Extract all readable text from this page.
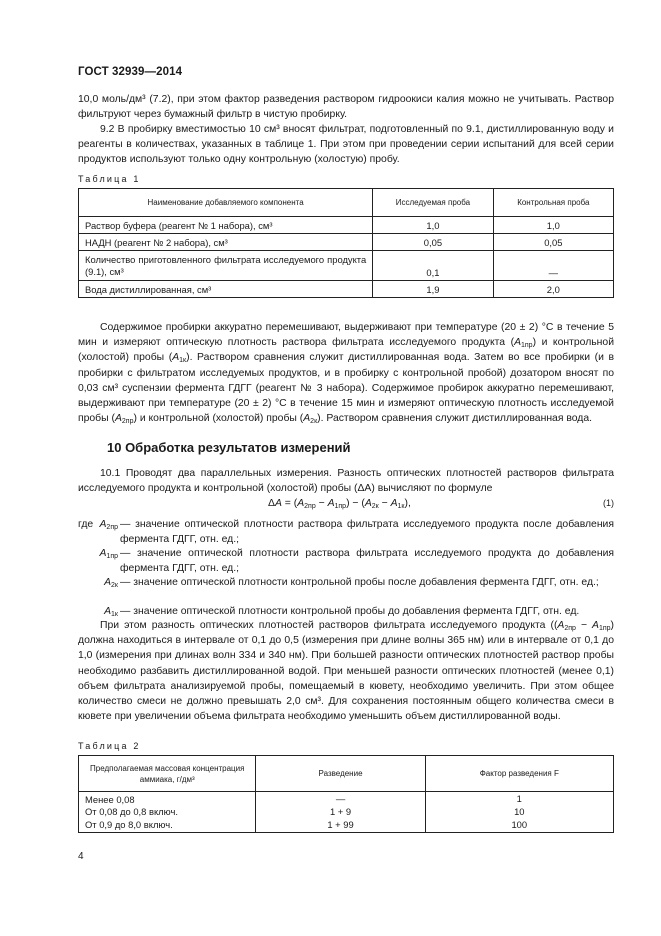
ГОСТ 32939—2014
10,0 моль/дм³ (7.2), при этом фактор разведения раствором гидроокиси калия можно не учитывать. Раствор фильтруют через бумажный фильтр в чистую пробирку.
9.2 В пробирку вместимостью 10 см³ вносят фильтрат, подготовленный по 9.1, дистиллированную воду и реагенты в количествах, указанных в таблице 1. При этом при проведении серии испытаний для всей серии продуктов используют только одну контрольную (холостую) пробу.
Таблица 1
Наименование добавляемого компонента	Исследуемая проба	Контрольная проба
Раствор буфера (реагент № 1 набора), см³	1,0	1,0
НАДН (реагент № 2 набора), см³	0,05	0,05
Количество приготовленного фильтрата исследуемого продукта (9.1), см³	0,1	—
Вода дистиллированная, см³	1,9	2,0
Содержимое пробирки аккуратно перемешивают, выдерживают при температуре (20 ± 2) °С в течение 5 мин и измеряют оптическую плотность раствора фильтрата исследуемого продукта $(A_{1пр})$ и контрольной (холостой) пробы $(A_{1к})$. Раствором сравнения служит дистиллированная вода. Затем во все пробирки (и в пробирки с фильтратом исследуемых продуктов, и в пробирку с контрольной пробой) дозатором вносят по 0,03 см³ суспензии фермента ГДГГ (реагент № 3 набора). Содержимое пробирок аккуратно перемешивают, выдерживают при температуре (20 ± 2) °С в течение 15 мин и измеряют оптическую плотность исследуемой пробы $(A_{2пр})$ и контрольной (холостой) пробы $(A_{2к})$. Раствором сравнения служит дистиллированная вода.
10 Обработка результатов измерений
10.1 Проводят два параллельных измерения. Разность оптических плотностей растворов фильтрата исследуемого продукта и контрольной (холостой) пробы (ΔА) вычисляют по формуле
$\Delta A = (A_{2пр} - A_{1пр}) - (A_{2к} - A_{1к})$,	(1)
где $A_{2пр}$ — значение оптической плотности раствора фильтрата исследуемого продукта после добавления фермента ГДГГ, отн. ед.;
$A_{1пр}$ — значение оптической плотности раствора фильтрата исследуемого продукта до добавления фермента ГДГГ, отн. ед.;
$A_{2к}$ — значение оптической плотности контрольной пробы после добавления фермента ГДГГ, отн. ед.;
$A_{1к}$ — значение оптической плотности контрольной пробы до добавления фермента ГДГГ, отн. ед.
При этом разность оптических плотностей растворов фильтрата исследуемого продукта ($(A_{2пр} - A_{1пр})$ должна находиться в интервале от 0,1 до 0,5 (измерения при длине волны 365 нм) или в интервале от 0,1 до 1,0 (измерения при длинах волн 334 и 340 нм). При большей разности оптических плотностей раствор пробы необходимо разбавить дистиллированной водой. При меньшей разности оптических плотностей (менее 0,1) объем фильтрата анализируемой пробы, помещаемый в кювету, необходимо увеличить. При этом общее количество смеси не должно превышать 2,0 см³. Для сохранения постоянным общего количества смеси в кювете при увеличении объема фильтрата необходимо уменьшить объем дистиллированной воды.
Таблица 2
Предполагаемая массовая концентрация аммиака, г/дм³	Разведение	Фактор разведения F
Менее 0,08	—	1
От 0,08 до 0,8 включ.	1 + 9	10
От 0,9 до 8,0 включ.	1 + 99	100
4
